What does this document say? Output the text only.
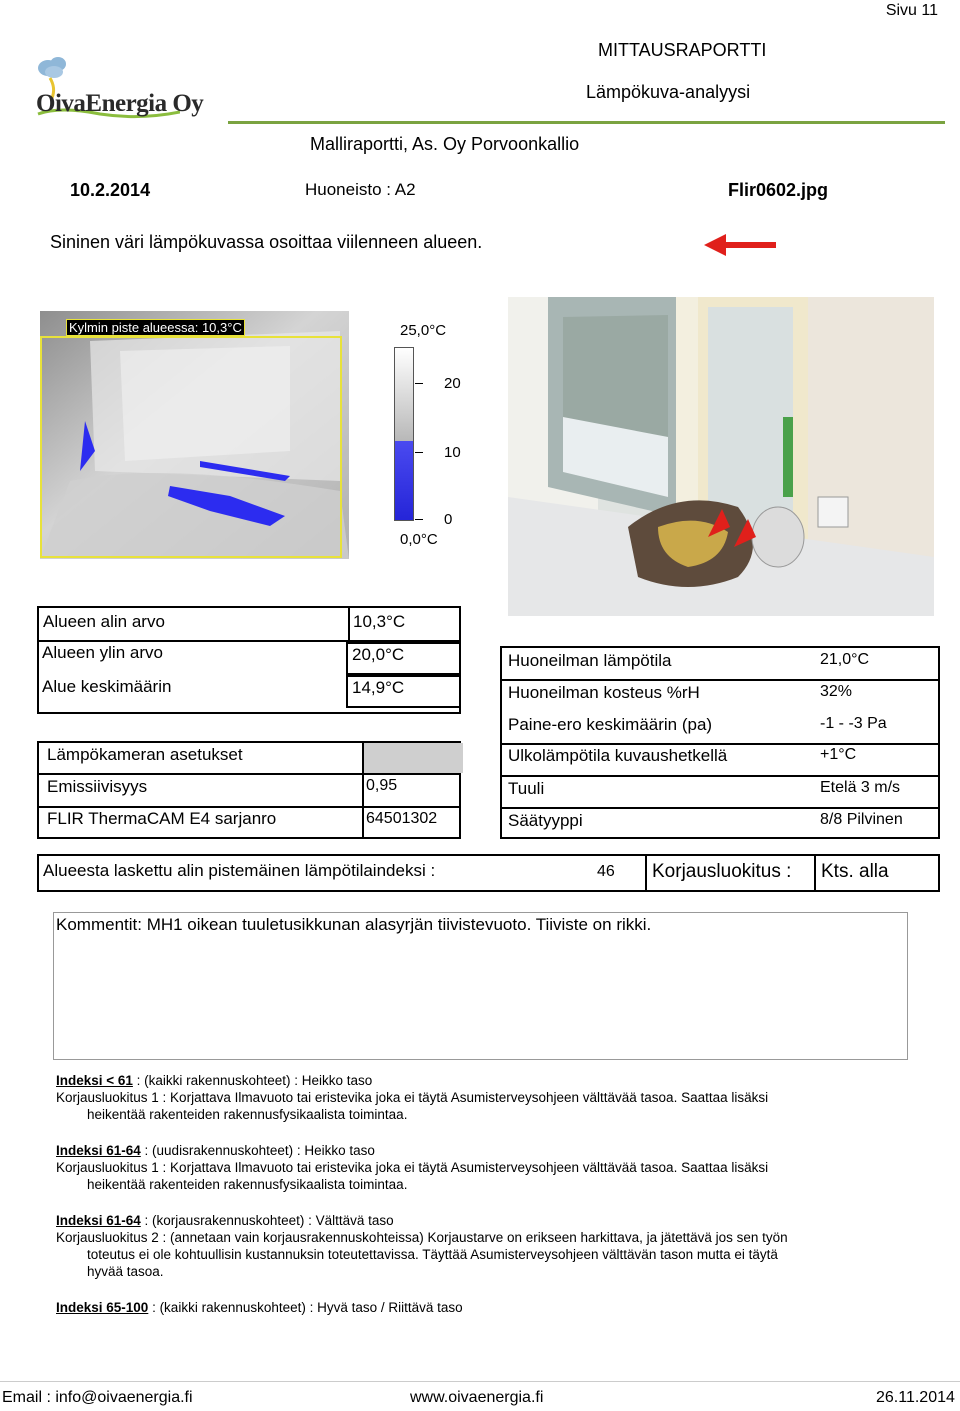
Sivu 11
OivaEnergia Oy
MITTAUSRAPORTTI
Lämpökuva-analyysi
Malliraportti, As. Oy Porvoonkallio
10.2.2014	Huoneisto : A2	Flir0602.jpg
Sininen väri lämpökuvassa osoittaa viilenneen alueen.
Kylmin piste alueessa: 10,3°C	25,0°C
20
10
0
0,0°C
Alueen alin arvo	10,3°C
Alueen ylin arvo	20,0°C
Alue keskimäärin	14,9°C
Lämpökameran asetukset
Emissiivisyys	0,95
FLIR ThermaCAM E4 sarjanro	64501302
Huoneilman lämpötila	21,0°C
Huoneilman kosteus %rH	32%
Paine-ero keskimäärin (pa)	-1 - -3 Pa
Ulkolämpötila kuvaushetkellä	+1°C
Tuuli	Etelä 3 m/s
Säätyyppi	8/8 Pilvinen
Alueesta laskettu alin pistemäinen lämpötilaindeksi :	46 Korjausluokitus : Kts. alla
Kommentit: MH1 oikean tuuletusikkunan alasyrjän tiivistevuoto. Tiiviste on rikki.
Indeksi < 61 : (kaikki rakennuskohteet) : Heikko taso
Korjausluokitus 1 : Korjattava Ilmavuoto tai eristevika joka ei täytä Asumisterveysohjeen välttävää tasoa. Saattaa lisäksi
heikentää rakenteiden rakennusfysikaalista toimintaa.
Indeksi 61-64 : (uudisrakennuskohteet) : Heikko taso
Korjausluokitus 1 : Korjattava Ilmavuoto tai eristevika joka ei täytä Asumisterveysohjeen välttävää tasoa. Saattaa lisäksi
heikentää rakenteiden rakennusfysikaalista toimintaa.
Indeksi 61-64 : (korjausrakennuskohteet) : Välttävä taso
Korjausluokitus 2 : (annetaan vain korjausrakennuskohteissa) Korjaustarve on erikseen harkittava, ja jätettävä jos sen työn
toteutus ei ole kohtuullisin kustannuksin toteutettavissa. Täyttää Asumisterveysohjeen välttävän tason mutta ei täytä
hyvää tasoa.
Indeksi 65-100 : (kaikki rakennuskohteet) : Hyvä taso / Riittävä taso
Email : info@oivaenergia.fi	www.oivaenergia.fi	26.11.2014
